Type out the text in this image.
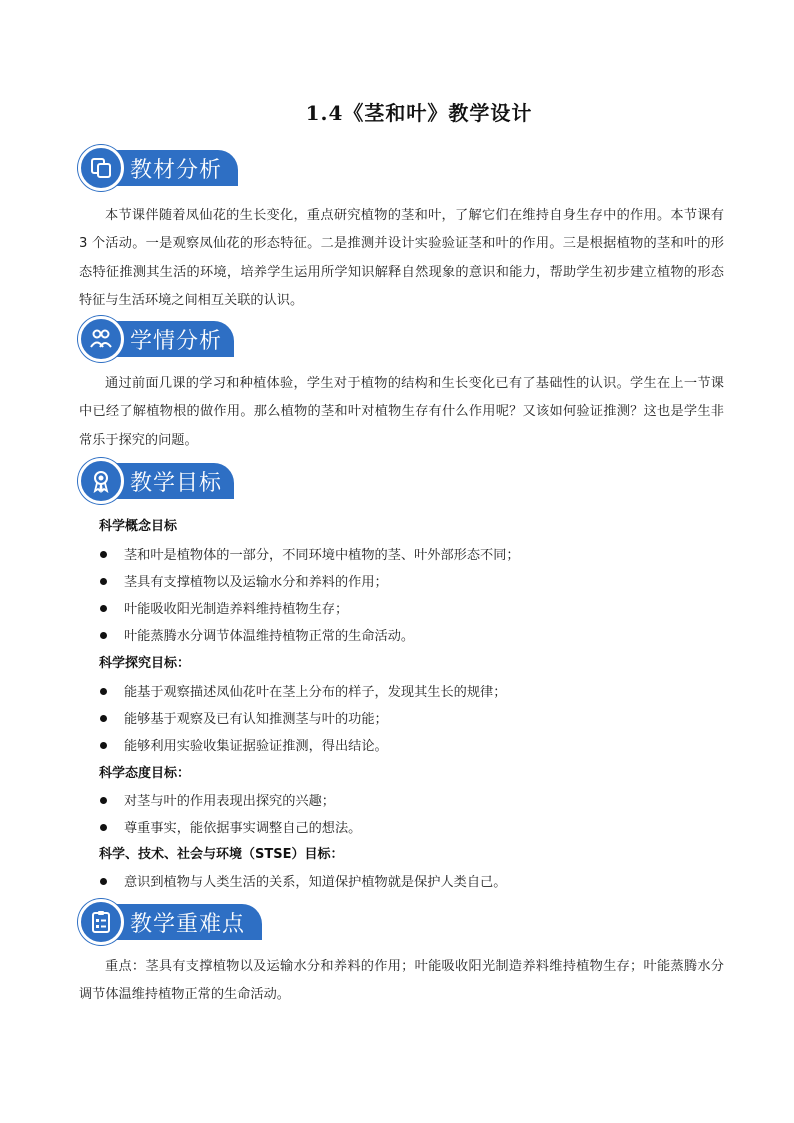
1.4《茎和叶》教学设计
教材分析
本节课伴随着凤仙花的生长变化，重点研究植物的茎和叶，了解它们在维持自身生存中的作用。本节课有 3 个活动。一是观察凤仙花的形态特征。二是推测并设计实验验证茎和叶的作用。三是根据植物的茎和叶的形态特征推测其生活的环境，培养学生运用所学知识解释自然现象的意识和能力，帮助学生初步建立植物的形态特征与生活环境之间相互关联的认识。
学情分析
通过前面几课的学习和种植体验，学生对于植物的结构和生长变化已有了基础性的认识。学生在上一节课中已经了解植物根的做作用。那么植物的茎和叶对植物生存有什么作用呢？又该如何验证推测？这也是学生非常乐于探究的问题。
教学目标
科学概念目标
茎和叶是植物体的一部分，不同环境中植物的茎、叶外部形态不同；
茎具有支撑植物以及运输水分和养料的作用；
叶能吸收阳光制造养料维持植物生存；
叶能蒸腾水分调节体温维持植物正常的生命活动。
科学探究目标：
能基于观察描述凤仙花叶在茎上分布的样子，发现其生长的规律；
能够基于观察及已有认知推测茎与叶的功能；
能够利用实验收集证据验证推测，得出结论。
科学态度目标：
对茎与叶的作用表现出探究的兴趣；
尊重事实，能依据事实调整自己的想法。
科学、技术、社会与环境（STSE）目标：
意识到植物与人类生活的关系，知道保护植物就是保护人类自己。
教学重难点
重点：茎具有支撑植物以及运输水分和养料的作用；叶能吸收阳光制造养料维持植物生存；叶能蒸腾水分调节体温维持植物正常的生命活动。
